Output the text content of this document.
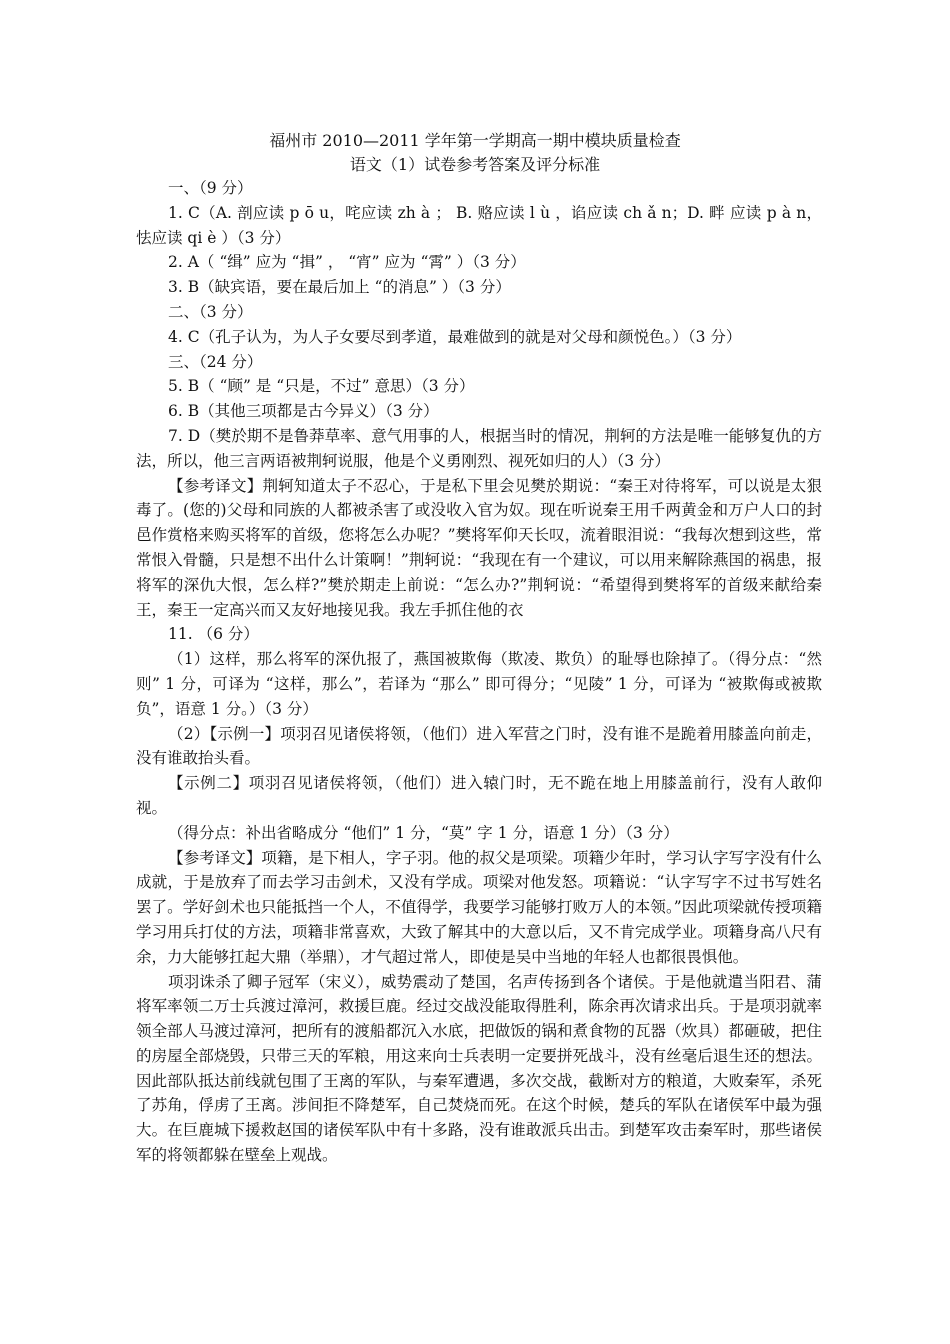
福州市 2010—2011 学年第一学期高一期中模块质量检查
语文（1）试卷参考答案及评分标准

一、（9 分）

1. C（A. 剖应读 p ō u，咤应读 zh à ； B. 赂应读 l ù ，谄应读 ch ǎ n；D. 畔 应读 p à n，怯应读 qi è ）（3 分）

2. A（ “缉” 应为 “揖” ， “宵” 应为 “霄” ）（3 分）

3. B（缺宾语，要在最后加上 “的消息” ）（3 分）

二、（3 分）

4. C（孔子认为，为人子女要尽到孝道，最难做到的就是对父母和颜悦色。）（3 分）

三、（24 分）

5. B（ “顾” 是 “只是，不过” 意思）（3 分）

6. B（其他三项都是古今异义）（3 分）

7. D（樊於期不是鲁莽草率、意气用事的人，根据当时的情况，荆轲的方法是唯一能够复仇的方法，所以，他三言两语被荆轲说服，他是个义勇刚烈、视死如归的人）（3 分）

【参考译文】荆轲知道太子不忍心，于是私下里会见樊於期说：“秦王对待将军，可以说是太狠毒了。(您的)父母和同族的人都被杀害了或没收入官为奴。现在听说秦王用千两黄金和万户人口的封邑作赏格来购买将军的首级，您将怎么办呢？”樊将军仰天长叹，流着眼泪说：“我每次想到这些，常常恨入骨髓，只是想不出什么计策啊！”荆轲说：“我现在有一个建议，可以用来解除燕国的祸患，报将军的深仇大恨，怎么样?”樊於期走上前说：“怎么办?”荆轲说：“希望得到樊将军的首级来献给秦王，秦王一定高兴而又友好地接见我。我左手抓住他的衣

11. （6 分）

（1）这样，那么将军的深仇报了，燕国被欺侮（欺凌、欺负）的耻辱也除掉了。（得分点：“然则” 1 分，可译为 “这样，那么”，若译为 “那么” 即可得分；“见陵” 1 分，可译为 “被欺侮或被欺负”，语意 1 分。）（3 分）

（2）【示例一】项羽召见诸侯将领，（他们）进入军营之门时，没有谁不是跪着用膝盖向前走，没有谁敢抬头看。

【示例二】项羽召见诸侯将领，（他们）进入辕门时，无不跪在地上用膝盖前行，没有人敢仰视。

（得分点：补出省略成分 “他们” 1 分，“莫” 字 1 分，语意 1 分）（3 分）

【参考译文】项籍，是下相人，字子羽。他的叔父是项梁。项籍少年时，学习认字写字没有什么成就，于是放弃了而去学习击剑术，又没有学成。项梁对他发怒。项籍说：“认字写字不过书写姓名罢了。学好剑术也只能抵挡一个人，不值得学，我要学习能够打败万人的本领。”因此项梁就传授项籍学习用兵打仗的方法，项籍非常喜欢，大致了解其中的大意以后，又不肯完成学业。项籍身高八尺有余，力大能够扛起大鼎（举鼎），才气超过常人，即使是吴中当地的年轻人也都很畏惧他。

项羽诛杀了卿子冠军（宋义），威势震动了楚国，名声传扬到各个诸侯。于是他就遣当阳君、蒲将军率领二万士兵渡过漳河，救援巨鹿。经过交战没能取得胜利，陈余再次请求出兵。于是项羽就率领全部人马渡过漳河，把所有的渡船都沉入水底，把做饭的锅和煮食物的瓦器（炊具）都砸破，把住的房屋全部烧毁，只带三天的军粮，用这来向士兵表明一定要拼死战斗，没有丝毫后退生还的想法。因此部队抵达前线就包围了王离的军队，与秦军遭遇，多次交战，截断对方的粮道，大败秦军，杀死了苏角，俘虏了王离。涉间拒不降楚军，自己焚烧而死。在这个时候，楚兵的军队在诸侯军中最为强大。在巨鹿城下援救赵国的诸侯军队中有十多路，没有谁敢派兵出击。到楚军攻击秦军时，那些诸侯军的将领都躲在壁垒上观战。
